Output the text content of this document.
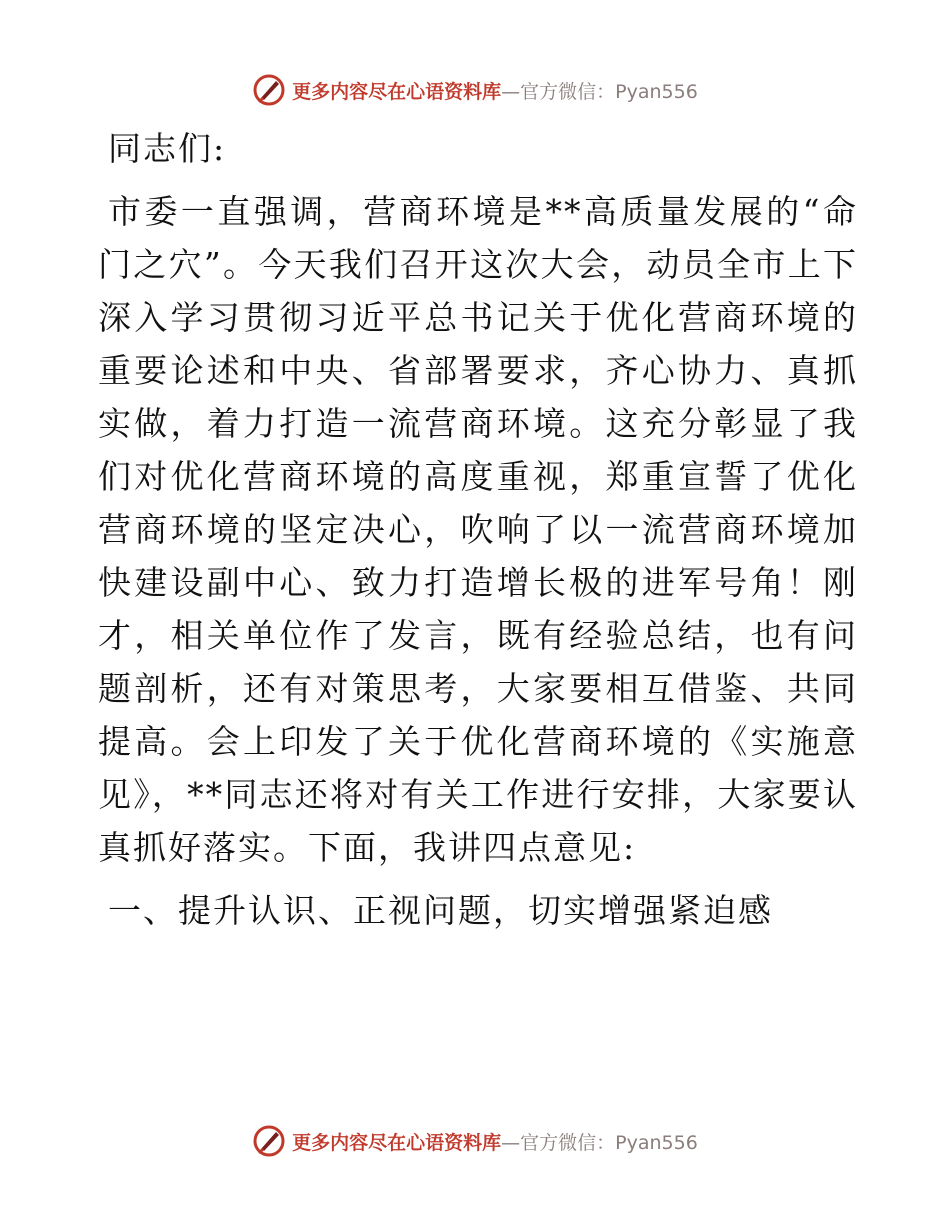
更多内容尽在心语资料库—官方微信：Pyan556

同志们:

市委一直强调，营商环境是**高质量发展的“命门之穴”。今天我们召开这次大会，动员全市上下深入学习贯彻习近平总书记关于优化营商环境的重要论述和中央、省部署要求，齐心协力、真抓实做，着力打造一流营商环境。这充分彰显了我们对优化营商环境的高度重视，郑重宣誓了优化营商环境的坚定决心，吹响了以一流营商环境加快建设副中心、致力打造增长极的进军号角！刚才，相关单位作了发言，既有经验总结，也有问题剖析，还有对策思考，大家要相互借鉴、共同提高。会上印发了关于优化营商环境的《实施意见》，**同志还将对有关工作进行安排，大家要认真抓好落实。下面，我讲四点意见:

一、提升认识、正视问题，切实增强紧迫感

更多内容尽在心语资料库—官方微信：Pyan556
